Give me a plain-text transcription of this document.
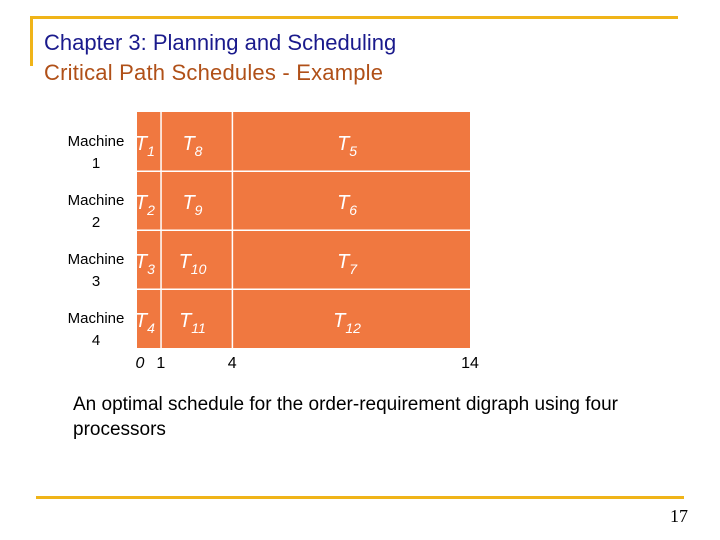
Chapter 3: Planning and Scheduling
Critical Path Schedules - Example
Machine
1
$T_1$ $T_8$	$T_5$
Machine
2
$T_2$ $T_9$	$T_6$
Machine
3
$T_3$ $T_{10}$	$T_7$
Machine
4
$T_4$ $T_{11}$	$T_{12}$
0 1	4	14
An optimal schedule for the order-requirement digraph using four processors
17
